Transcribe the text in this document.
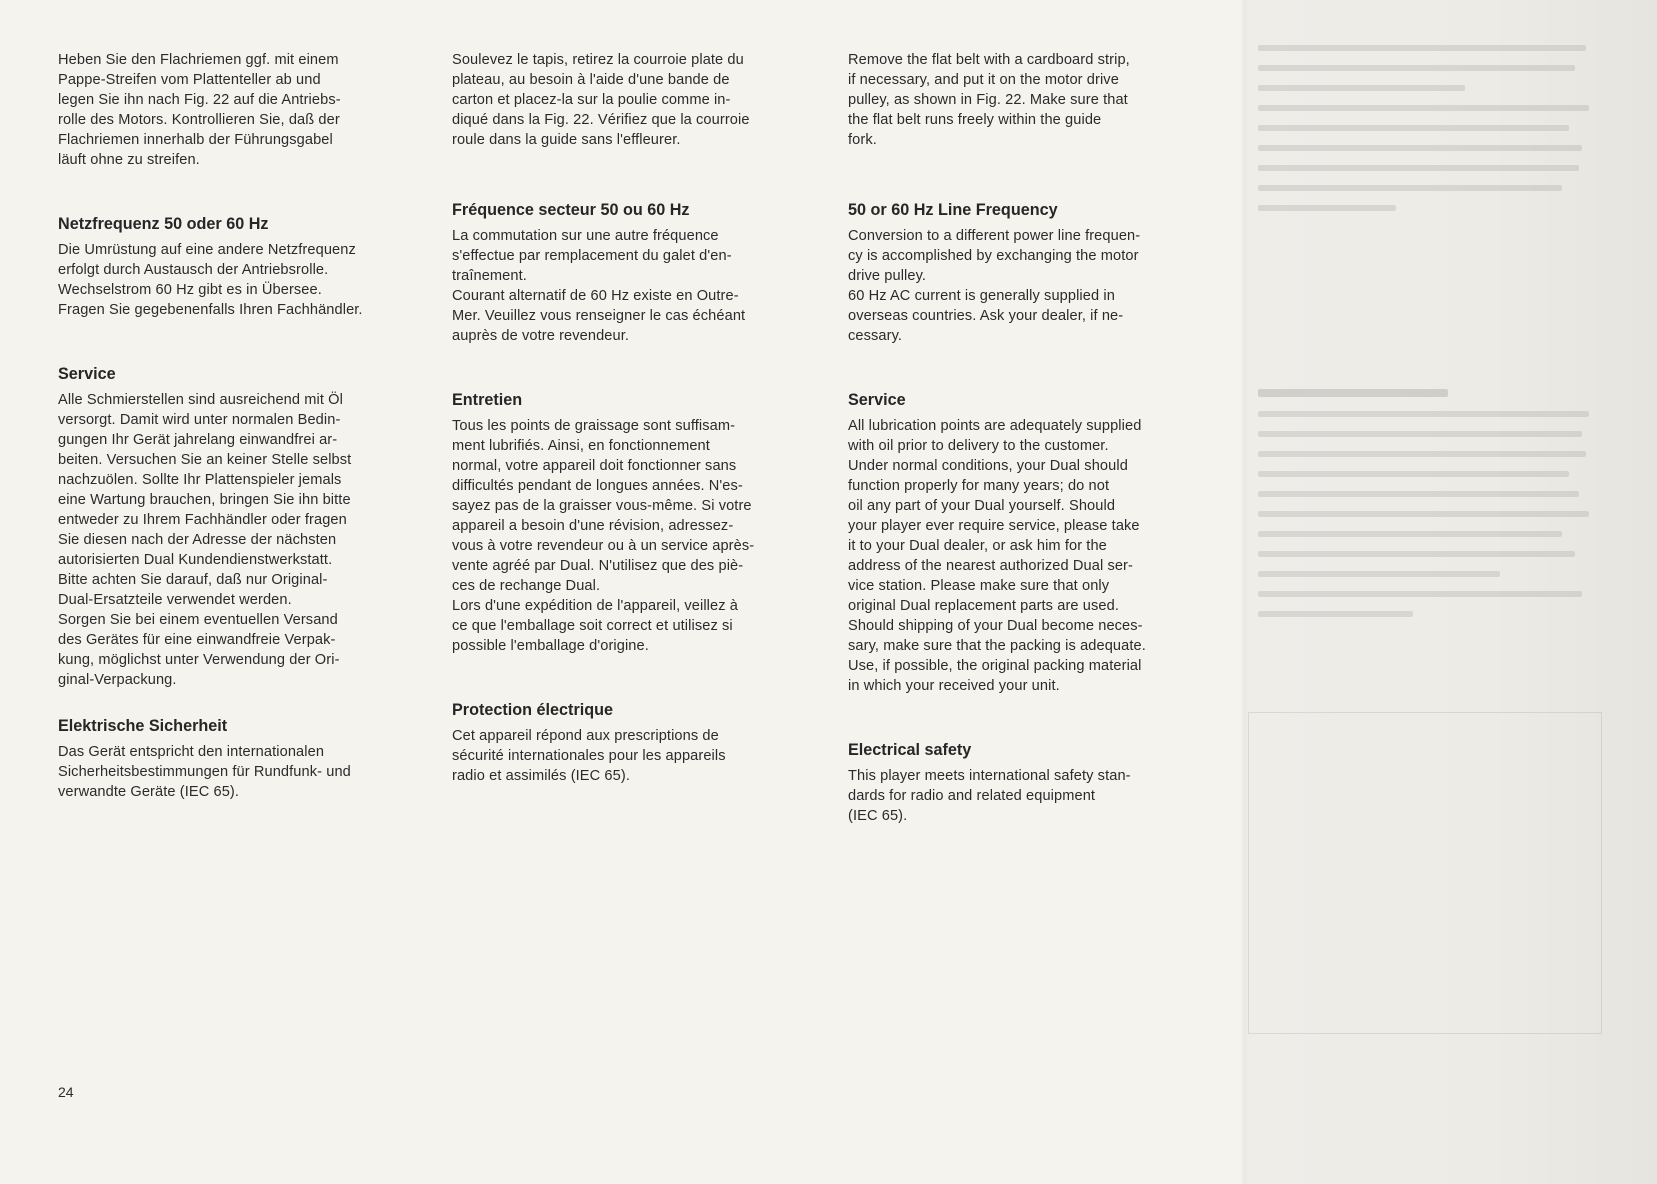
Heben Sie den Flachriemen ggf. mit einem
Pappe-Streifen vom Plattenteller ab und
legen Sie ihn nach Fig. 22 auf die Antriebs-
rolle des Motors. Kontrollieren Sie, daß der
Flachriemen innerhalb der Führungsgabel
läuft ohne zu streifen.

Netzfrequenz 50 oder 60 Hz

Die Umrüstung auf eine andere Netzfrequenz
erfolgt durch Austausch der Antriebsrolle.
Wechselstrom 60 Hz gibt es in Übersee.
Fragen Sie gegebenenfalls Ihren Fachhändler.

Service

Alle Schmierstellen sind ausreichend mit Öl
versorgt. Damit wird unter normalen Bedin-
gungen Ihr Gerät jahrelang einwandfrei ar-
beiten. Versuchen Sie an keiner Stelle selbst
nachzuölen. Sollte Ihr Plattenspieler jemals
eine Wartung brauchen, bringen Sie ihn bitte
entweder zu Ihrem Fachhändler oder fragen
Sie diesen nach der Adresse der nächsten
autorisierten Dual Kundendienstwerkstatt.
Bitte achten Sie darauf, daß nur Original-
Dual-Ersatzteile verwendet werden.
Sorgen Sie bei einem eventuellen Versand
des Gerätes für eine einwandfreie Verpak-
kung, möglichst unter Verwendung der Ori-
ginal-Verpackung.

Elektrische Sicherheit

Das Gerät entspricht den internationalen
Sicherheitsbestimmungen für Rundfunk- und
verwandte Geräte (IEC 65).

Soulevez le tapis, retirez la courroie plate du
plateau, au besoin à l'aide d'une bande de
carton et placez-la sur la poulie comme in-
diqué dans la Fig. 22. Vérifiez que la courroie
roule dans la guide sans l'effleurer.

Fréquence secteur 50 ou 60 Hz

La commutation sur une autre fréquence
s'effectue par remplacement du galet d'en-
traînement.
Courant alternatif de 60 Hz existe en Outre-
Mer. Veuillez vous renseigner le cas échéant
auprès de votre revendeur.

Entretien

Tous les points de graissage sont suffisam-
ment lubrifiés. Ainsi, en fonctionnement
normal, votre appareil doit fonctionner sans
difficultés pendant de longues années. N'es-
sayez pas de la graisser vous-même. Si votre
appareil a besoin d'une révision, adressez-
vous à votre revendeur ou à un service après-
vente agréé par Dual. N'utilisez que des piè-
ces de rechange Dual.
Lors d'une expédition de l'appareil, veillez à
ce que l'emballage soit correct et utilisez si
possible l'emballage d'origine.

Protection électrique

Cet appareil répond aux prescriptions de
sécurité internationales pour les appareils
radio et assimilés (IEC 65).

Remove the flat belt with a cardboard strip,
if necessary, and put it on the motor drive
pulley, as shown in Fig. 22. Make sure that
the flat belt runs freely within the guide
fork.

50 or 60 Hz Line Frequency

Conversion to a different power line frequen-
cy is accomplished by exchanging the motor
drive pulley.
60 Hz AC current is generally supplied in
overseas countries. Ask your dealer, if ne-
cessary.

Service

All lubrication points are adequately supplied
with oil prior to delivery to the customer.
Under normal conditions, your Dual should
function properly for many years; do not
oil any part of your Dual yourself. Should
your player ever require service, please take
it to your Dual dealer, or ask him for the
address of the nearest authorized Dual ser-
vice station. Please make sure that only
original Dual replacement parts are used.
Should shipping of your Dual become neces-
sary, make sure that the packing is adequate.
Use, if possible, the original packing material
in which your received your unit.

Electrical safety

This player meets international safety stan-
dards for radio and related equipment
(IEC 65).

24
